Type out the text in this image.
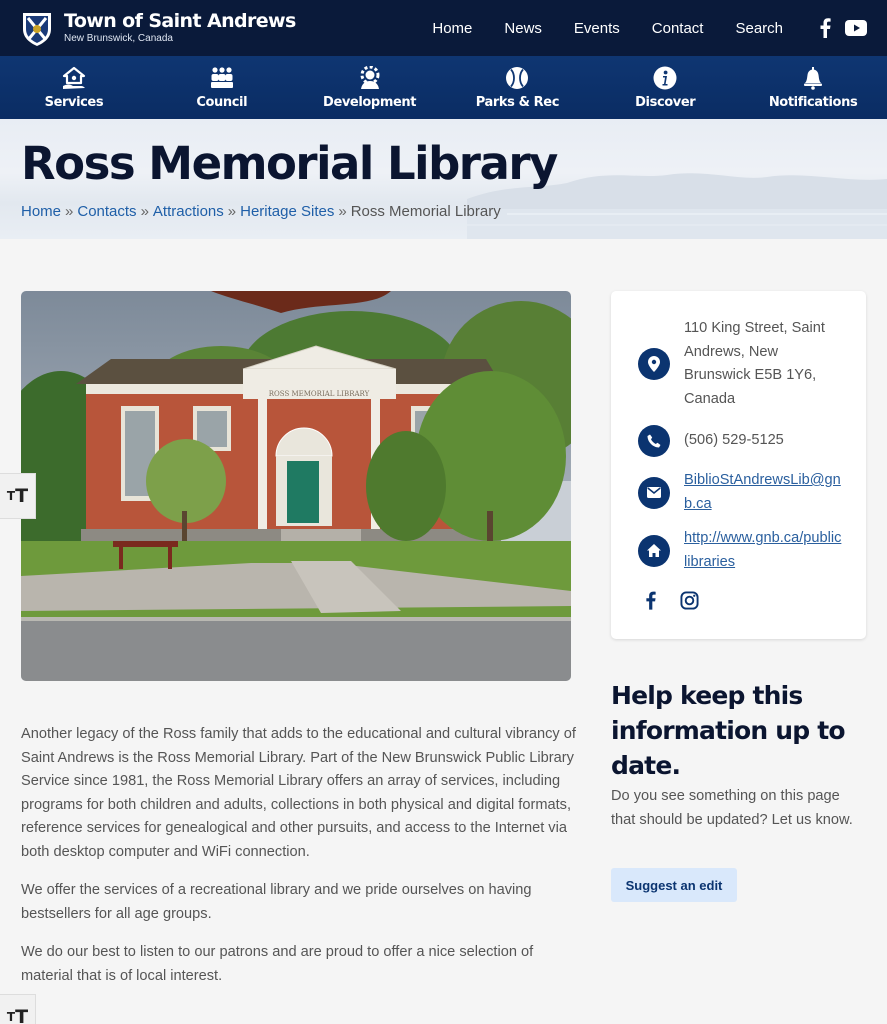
Town of Saint Andrews
New Brunswick, Canada
Home News Events Contact Search
Services	Council	Development	Parks & Rec	Discover	Notifications
Ross Memorial Library
Home » Contacts » Attractions » Heritage Sites » Ross Memorial Library
ROSS MEMORIAL LIBRARY

Another legacy of the Ross family that adds to the educational and cultural vibrancy of Saint Andrews is the Ross Memorial Library. Part of the New Brunswick Public Library Service since 1981, the Ross Memorial Library offers an array of services, including programs for both children and adults, collections in both physical and digital formats, reference services for genealogical and other pursuits, and access to the Internet via both desktop computer and WiFi connection.

We offer the services of a recreational library and we pride ourselves on having bestsellers for all age groups.

We do our best to listen to our patrons and are proud to offer a nice selection of material that is of local interest.

110 King Street, Saint Andrews, New Brunswick E5B 1Y6, Canada
(506) 529-5125
BiblioStAndrewsLib@gnb.ca
http://www.gnb.ca/publiclibraries
Help keep this information up to date.

Do you see something on this page that should be updated? Let us know.

Suggest an edit
T T
T T
